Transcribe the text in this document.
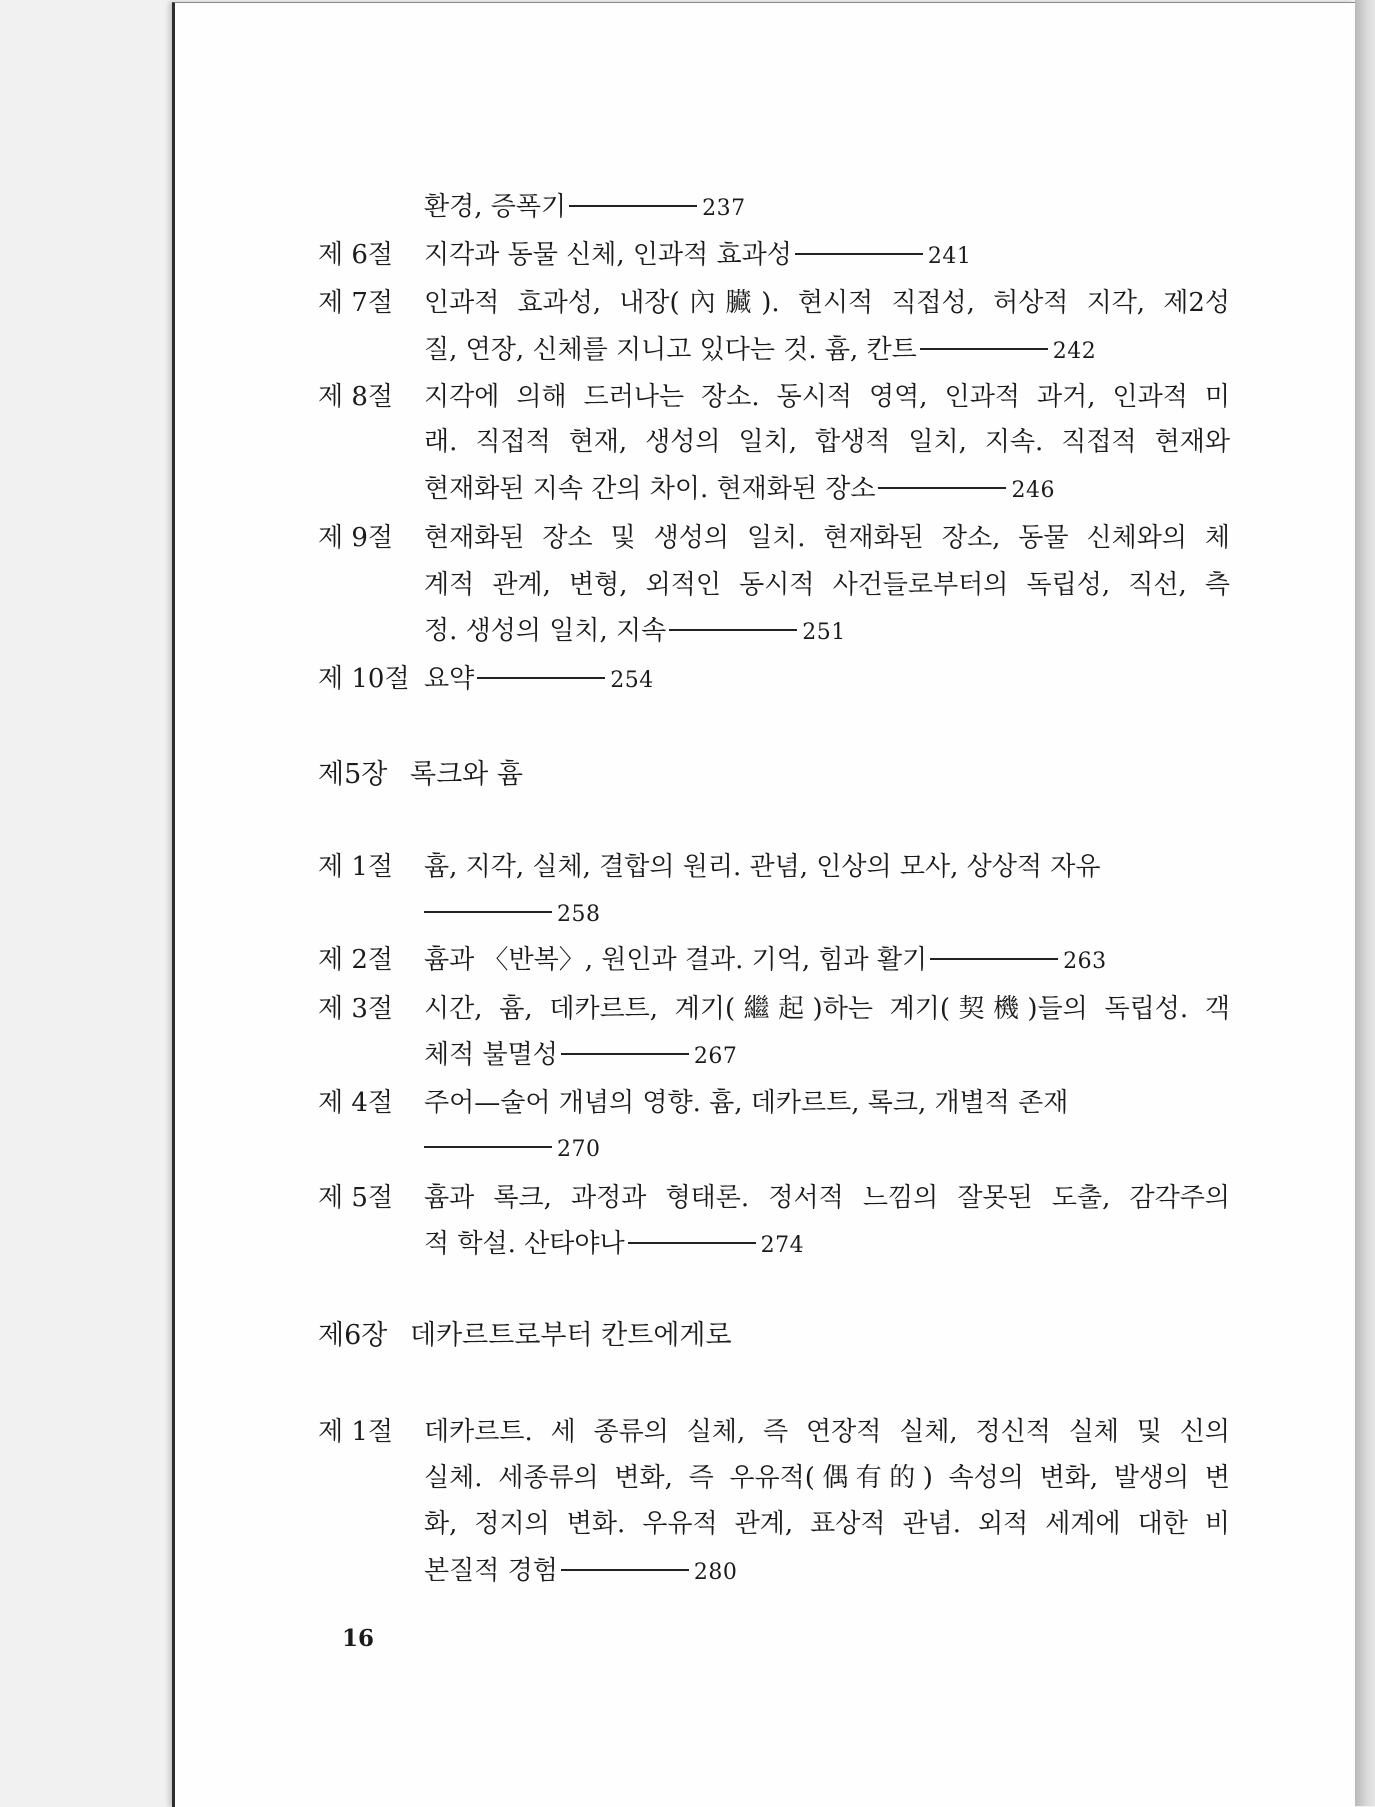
환경, 증폭기	237
제 6절 지각과 동물 신체, 인과적 효과성	241
제 7절 인과적 효과성, 내장(內臟). 현시적 직접성, 허상적 지각, 제2성
질, 연장, 신체를 지니고 있다는 것. 흄, 칸트	242
제 8절 지각에 의해 드러나는 장소. 동시적 영역, 인과적 과거, 인과적 미
래. 직접적 현재, 생성의 일치, 합생적 일치, 지속. 직접적 현재와
현재화된 지속 간의 차이. 현재화된 장소	246
제 9절 현재화된 장소 및 생성의 일치. 현재화된 장소, 동물 신체와의 체
계적 관계, 변형, 외적인 동시적 사건들로부터의 독립성, 직선, 측
정. 생성의 일치, 지속	251
제 10절 요약	254
제5장 록크와 흄
제 1절 흄, 지각, 실체, 결합의 원리. 관념, 인상의 모사, 상상적 자유
258
제 2절 흄과 〈반복〉, 원인과 결과. 기억, 힘과 활기	263
제 3절 시간, 흄, 데카르트, 계기(繼起)하는 계기(契機)들의 독립성. 객
체적 불멸성	267
제 4절 주어—술어 개념의 영향. 흄, 데카르트, 록크, 개별적 존재
270
제 5절 흄과 록크, 과정과 형태론. 정서적 느낌의 잘못된 도출, 감각주의
적 학설. 산타야나	274
제6장 데카르트로부터 칸트에게로
제 1절 데카르트. 세 종류의 실체, 즉 연장적 실체, 정신적 실체 및 신의
실체. 세종류의 변화, 즉 우유적(偶有的) 속성의 변화, 발생의 변
화, 정지의 변화. 우유적 관계, 표상적 관념. 외적 세계에 대한 비
본질적 경험	280
16
